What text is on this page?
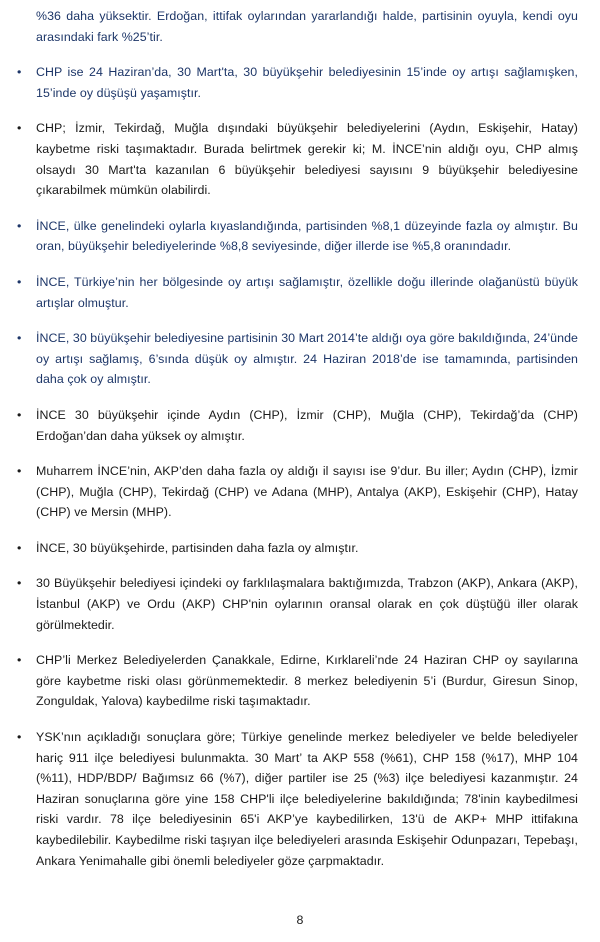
%36 daha yüksektir. Erdoğan, ittifak oylarından yararlandığı halde, partisinin oyuyla, kendi oyu arasındaki fark %25’tir.

• CHP ise 24 Haziran’da, 30 Mart'ta, 30 büyükşehir belediyesinin 15’inde oy artışı sağlamışken, 15’inde oy düşüşü yaşamıştır.

• CHP; İzmir, Tekirdağ, Muğla dışındaki büyükşehir belediyelerini (Aydın, Eskişehir, Hatay) kaybetme riski taşımaktadır. Burada belirtmek gerekir ki; M. İNCE’nin aldığı oyu, CHP almış olsaydı 30 Mart'ta kazanılan 6 büyükşehir belediyesi sayısını 9 büyükşehir belediyesine çıkarabilmek mümkün olabilirdi.

• İNCE, ülke genelindeki oylarla kıyaslandığında, partisinden %8,1 düzeyinde fazla oy almıştır. Bu oran, büyükşehir belediyelerinde %8,8 seviyesinde, diğer illerde ise %5,8 oranındadır.

• İNCE, Türkiye’nin her bölgesinde oy artışı sağlamıştır, özellikle doğu illerinde olağanüstü büyük artışlar olmuştur.

• İNCE, 30 büyükşehir belediyesine partisinin 30 Mart 2014’te aldığı oya göre bakıldığında, 24’ünde oy artışı sağlamış, 6’sında düşük oy almıştır. 24 Haziran 2018’de ise tamamında, partisinden daha çok oy almıştır.

• İNCE 30 büyükşehir içinde Aydın (CHP), İzmir (CHP), Muğla (CHP), Tekirdağ’da (CHP) Erdoğan’dan daha yüksek oy almıştır.

• Muharrem İNCE’nin, AKP’den daha fazla oy aldığı il sayısı ise 9’dur. Bu iller; Aydın (CHP), İzmir (CHP), Muğla (CHP), Tekirdağ (CHP) ve Adana (MHP), Antalya (AKP), Eskişehir (CHP), Hatay (CHP) ve Mersin (MHP).

• İNCE, 30 büyükşehirde, partisinden daha fazla oy almıştır.

• 30 Büyükşehir belediyesi içindeki oy farklılaşmalara baktığımızda, Trabzon (AKP), Ankara (AKP), İstanbul (AKP) ve Ordu (AKP) CHP'nin oylarının oransal olarak en çok düştüğü iller olarak görülmektedir.

• CHP’li Merkez Belediyelerden Çanakkale, Edirne, Kırklareli’nde 24 Haziran CHP oy sayılarına göre kaybetme riski olası görünmemektedir. 8 merkez belediyenin 5’i (Burdur, Giresun Sinop, Zonguldak, Yalova) kaybedilme riski taşımaktadır.

• YSK’nın açıkladığı sonuçlara göre; Türkiye genelinde merkez belediyeler ve belde belediyeler hariç 911 ilçe belediyesi bulunmakta. 30 Mart’ ta AKP 558 (%61), CHP 158 (%17), MHP 104 (%11), HDP/BDP/ Bağımsız 66 (%7), diğer partiler ise 25 (%3) ilçe belediyesi kazanmıştır. 24 Haziran sonuçlarına göre yine 158 CHP'li ilçe belediyelerine bakıldığında; 78'inin kaybedilmesi riski vardır. 78 ilçe belediyesinin 65'i AKP’ye kaybedilirken, 13'ü de AKP+ MHP ittifakına kaybedilebilir. Kaybedilme riski taşıyan ilçe belediyeleri arasında Eskişehir Odunpazarı, Tepebaşı, Ankara Yenimahalle gibi önemli belediyeler göze çarpmaktadır.

8
